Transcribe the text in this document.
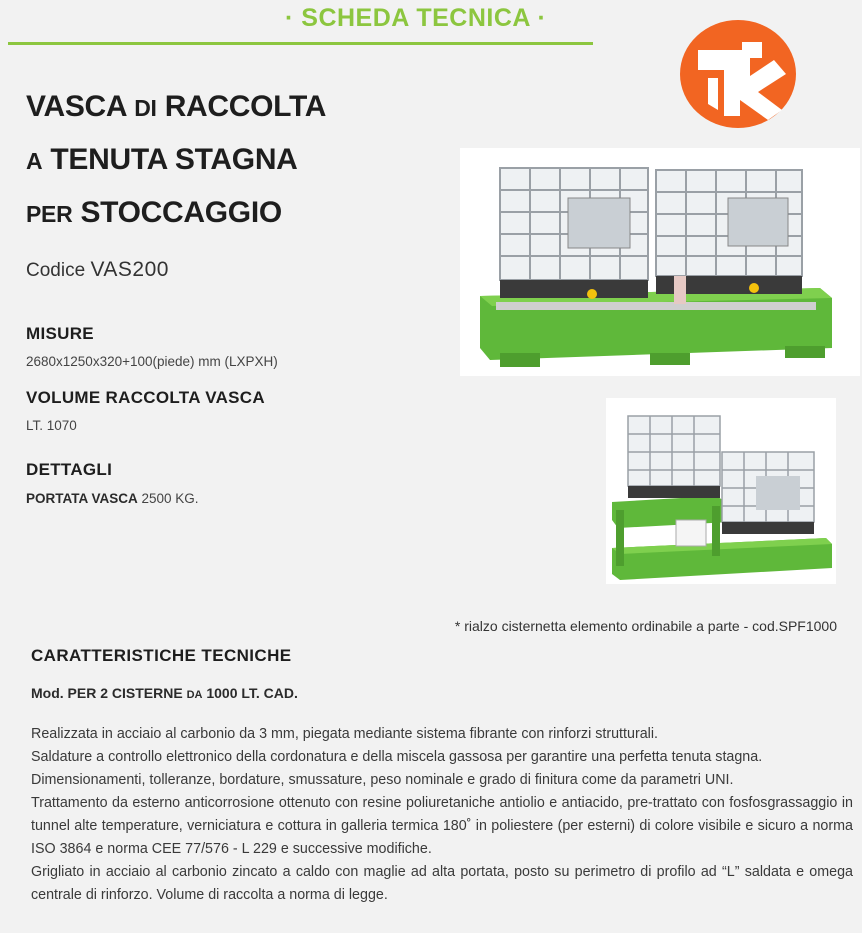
· SCHEDA TECNICA ·
VASCA DI RACCOLTA
A TENUTA STAGNA
PER STOCCAGGIO
Codice VAS200
MISURE
2680x1250x320+100(piede) mm (LXPXH)
VOLUME RACCOLTA VASCA
LT. 1070
DETTAGLI
PORTATA VASCA 2500 KG.
* rialzo cisternetta elemento ordinabile a parte - cod.SPF1000
CARATTERISTICHE TECNICHE
Mod. PER 2 CISTERNE DA 1000 LT. CAD.

Realizzata in acciaio al carbonio da 3 mm, piegata mediante sistema fibrante con rinforzi strutturali.

Saldature a controllo elettronico della cordonatura e della miscela gassosa per garantire una perfetta tenuta stagna.

Dimensionamenti, tolleranze, bordature, smussature, peso nominale e grado di finitura come da parametri UNI.

Trattamento da esterno anticorrosione ottenuto con resine poliuretaniche antiolio e antiacido, pre-trattato con fosfosgrassaggio in tunnel alte temperature, verniciatura e cottura in galleria termica 180˚ in poliestere (per esterni) di colore visibile e sicuro a norma ISO 3864 e norma CEE 77/576 - L 229 e successive modifiche.

Grigliato in acciaio al carbonio zincato a caldo con maglie ad alta portata, posto su perimetro di profilo ad “L” saldata e omega centrale di rinforzo. Volume di raccolta a norma di legge.
